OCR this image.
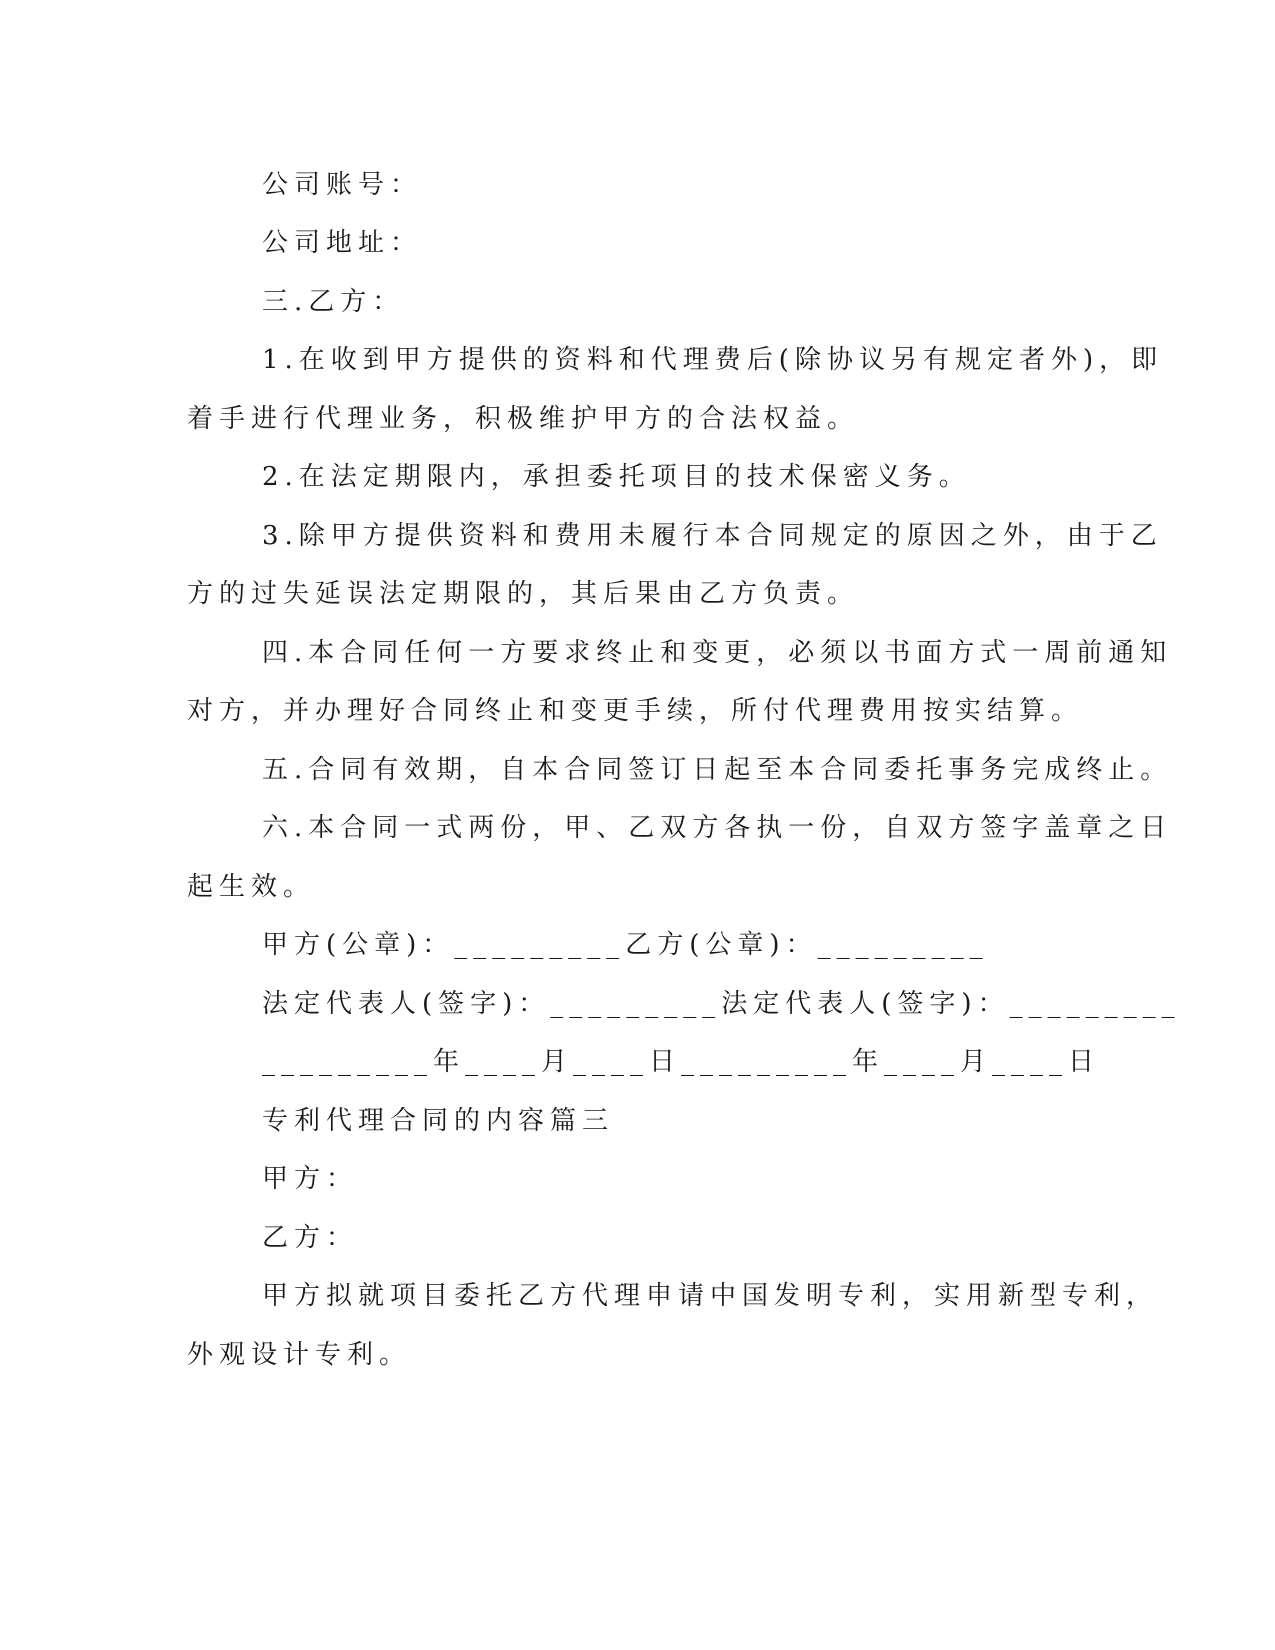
公司账号：
公司地址：
三.乙方：
1.在收到甲方提供的资料和代理费后(除协议另有规定者外)，即
着手进行代理业务，积极维护甲方的合法权益。
2.在法定期限内，承担委托项目的技术保密义务。
3.除甲方提供资料和费用未履行本合同规定的原因之外，由于乙
方的过失延误法定期限的，其后果由乙方负责。
四.本合同任何一方要求终止和变更，必须以书面方式一周前通知
对方，并办理好合同终止和变更手续，所付代理费用按实结算。
五.合同有效期，自本合同签订日起至本合同委托事务完成终止。
六.本合同一式两份，甲、乙双方各执一份，自双方签字盖章之日
起生效。
甲方(公章)：_________乙方(公章)：_________
法定代表人(签字)：_________法定代表人(签字)：_________
_________年____月____日_________年____月____日
专利代理合同的内容篇三
甲方：
乙方：
甲方拟就项目委托乙方代理申请中国发明专利，实用新型专利，
外观设计专利。
